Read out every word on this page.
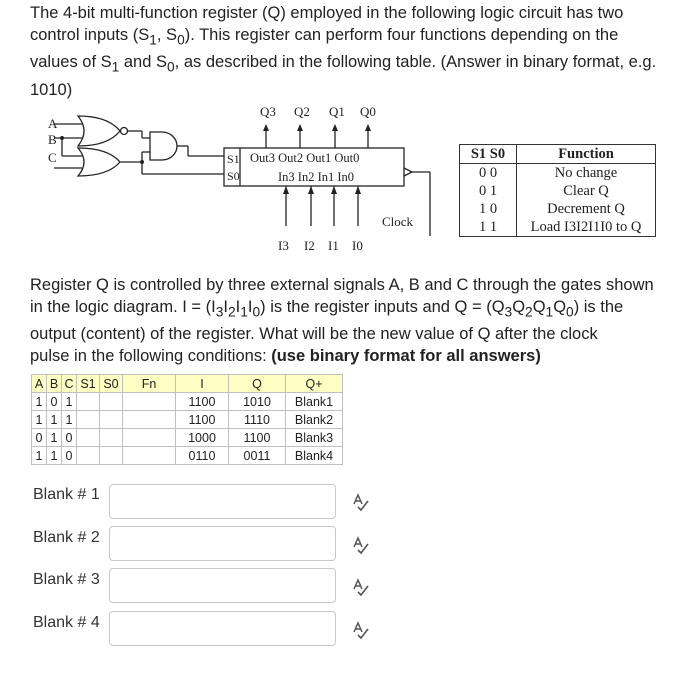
The 4-bit multi-function register (Q) employed in the following logic circuit has two
control inputs ($S_1$, $S_0$). This register can perform four functions depending on the
values of $S_1$ and $S_0$, as described in the following table. (Answer in binary format, e.g.
1010)
A
B
C
Q3 Q2 Q1 Q0
S1
S0
Out3 Out2 Out1 Out0
In3 In2 In1 In0
Clock
I3 I2 I1 I0
S1 S0	Function
0 0	No change
0 1	Clear Q
1 0	Decrement Q
1 1	Load I3I2I1I0 to Q
Register Q is controlled by three external signals A, B and C through the gates shown
in the logic diagram. $I = (I_3I_2I_1I_0)$ is the register inputs and $Q = (Q_3Q_2Q_1Q_0)$ is the
output (content) of the register. What will be the new value of Q after the clock
pulse in the following conditions: (use binary format for all answers)
A	B	C	S1	S0	Fn	I	Q	Q+
1	0	1				1100	1010	Blank1
1	1	1				1100	1110	Blank2
0	1	0				1000	1100	Blank3
1	1	0				0110	0011	Blank4
Blank # 1
Blank # 2
Blank # 3
Blank # 4
